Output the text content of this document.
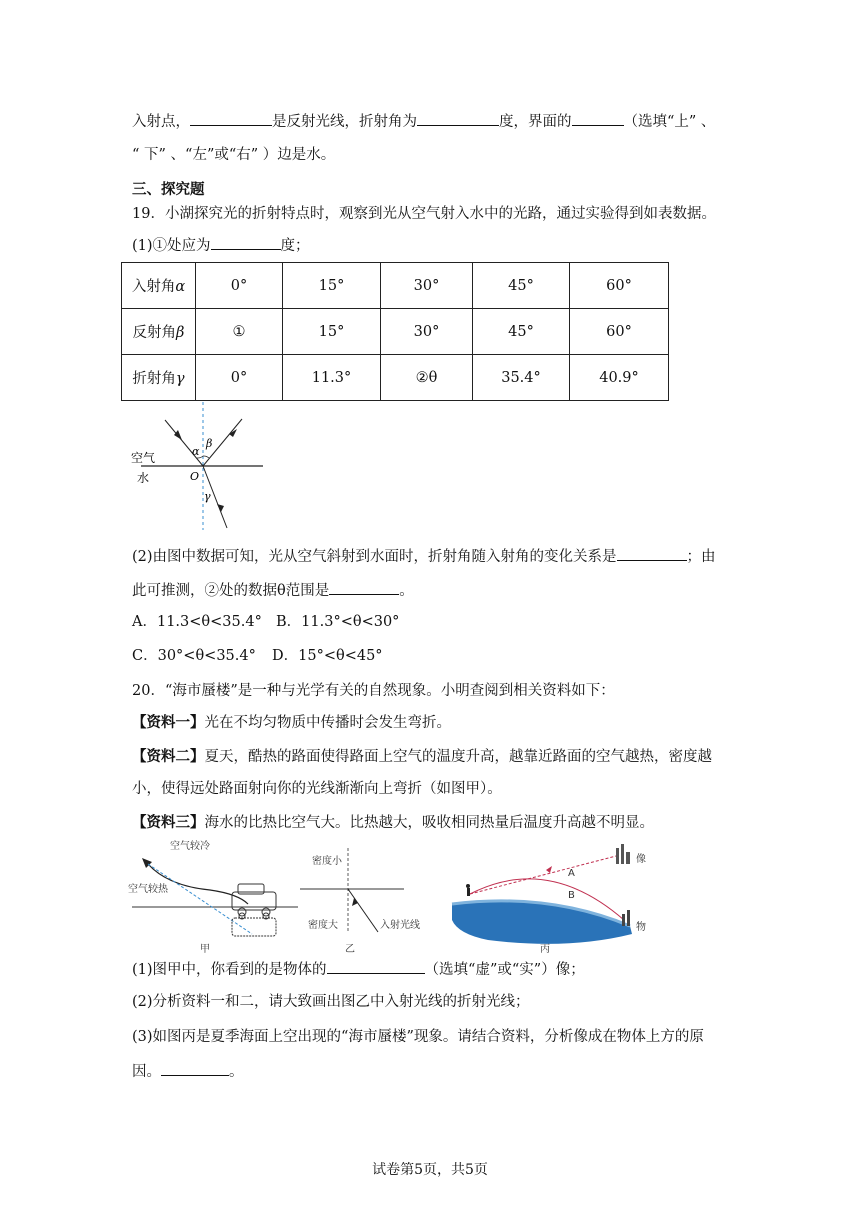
入射点，	是反射光线，折射角为	度，界面的	（选填“上” 、
“ 下” 、“左”或“右” ）边是水。
三、探究题
19．小湖探究光的折射特点时，观察到光从空气射入水中的光路，通过实验得到如表数据。
(1)①处应为	度；
入射角α	0°	15°	30°	45°	60°
反射角β	①	15°	30°	45°	60°
折射角γ	0°	11.3°	②θ	35.4°	40.9°
空气
水
α
β
O
γ
(2)由图中数据可知，光从空气斜射到水面时，折射角随入射角的变化关系是	；由
此可推测，②处的数据θ范围是	。
A．11.3<θ<35.4° B．11.3°<θ<30°
C．30°<θ<35.4° D．15°<θ<45°
20．“海市蜃楼”是一种与光学有关的自然现象。小明查阅到相关资料如下：
【资料一】光在不均匀物质中传播时会发生弯折。
【资料二】夏天，酷热的路面使得路面上空气的温度升高，越靠近路面的空气越热，密度越
小，使得远处路面射向你的光线渐渐向上弯折（如图甲）。
【资料三】海水的比热比空气大。比热越大，吸收相同热量后温度升高越不明显。
空气较冷
空气较热
甲
密度小
密度大	入射光线
乙
像
物
A
B
丙
(1)图甲中，你看到的是物体的	（选填“虚”或“实”）像；
(2)分析资料一和二，请大致画出图乙中入射光线的折射光线；
(3)如图丙是夏季海面上空出现的“海市蜃楼”现象。请结合资料，分析像成在物体上方的原
因。	。
试卷第5页，共5页
